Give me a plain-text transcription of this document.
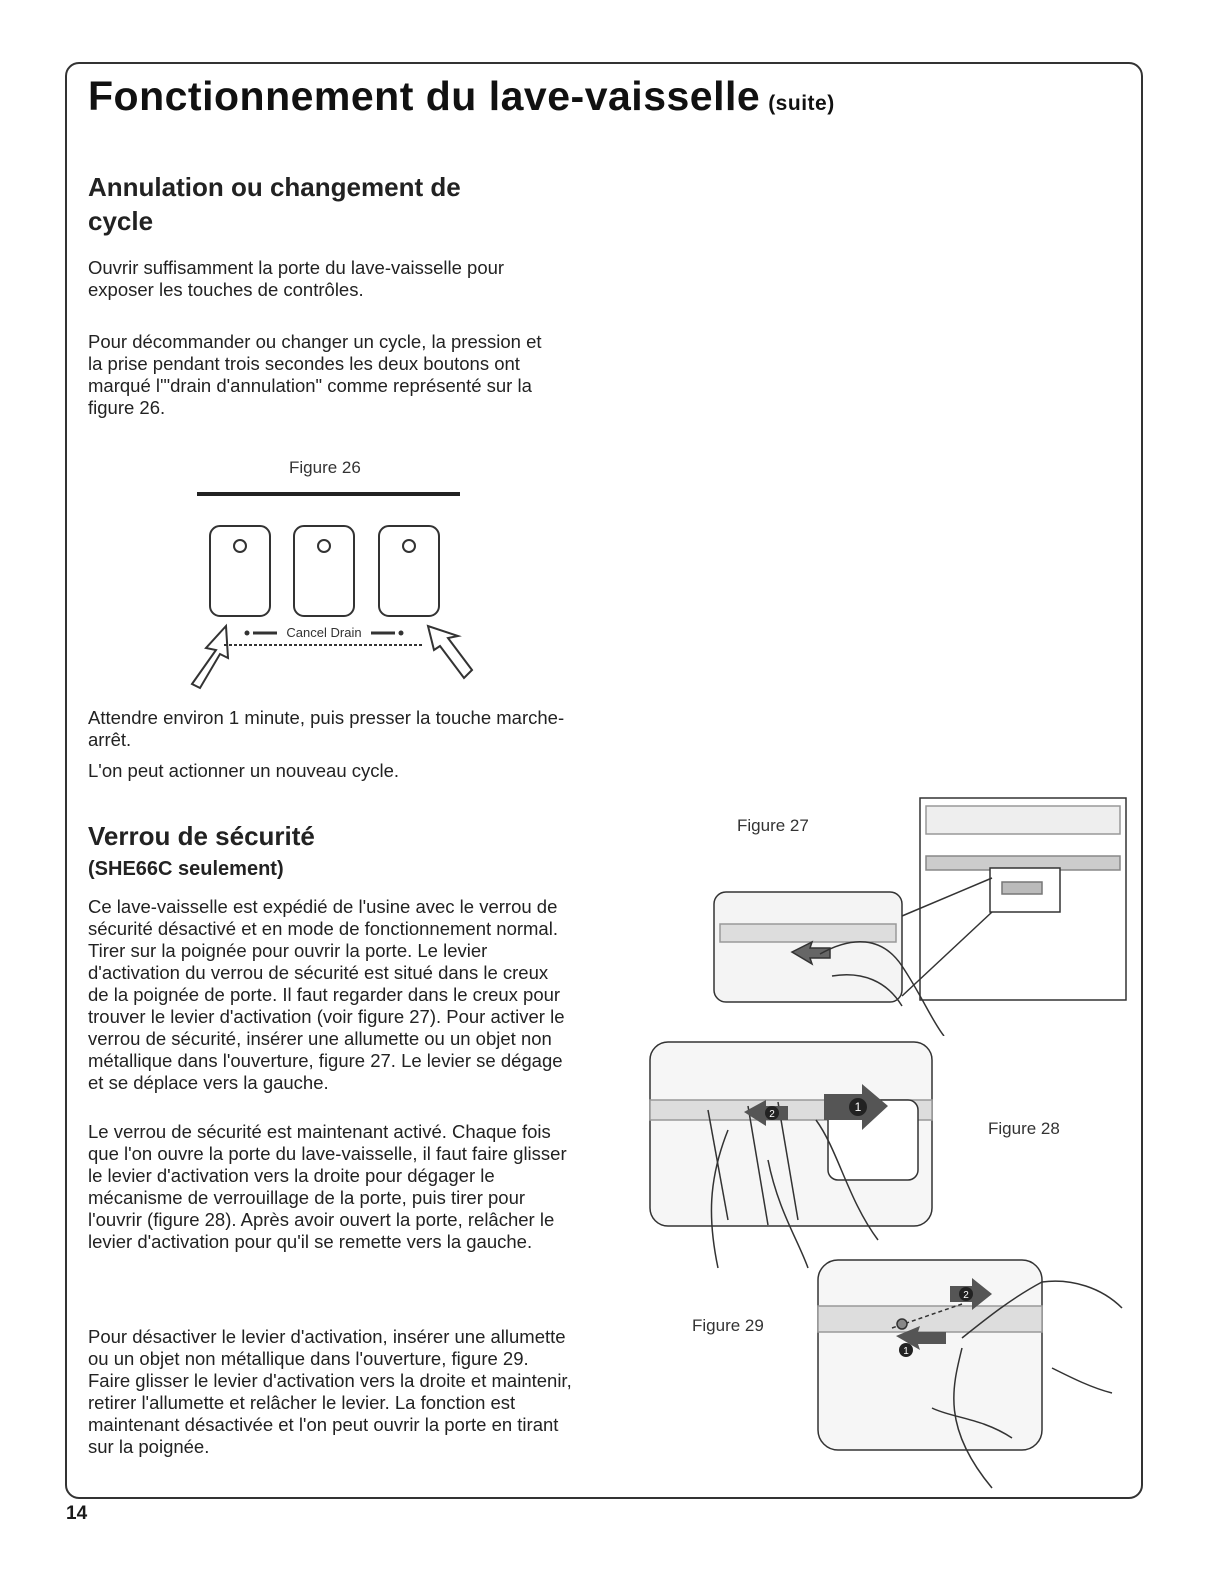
Fonctionnement du lave-vaisselle (suite)
Annulation ou changement de
cycle
Ouvrir suffisamment la porte du lave-vaisselle pour exposer les touches de contrôles.
Pour décommander ou changer un cycle, la pression et la prise pendant trois secondes les deux boutons ont marqué l'"drain d'annulation" comme représenté sur la figure 26.
Figure 26
Cancel Drain
Attendre environ 1 minute, puis presser la touche marche-arrêt.
L'on peut actionner un nouveau cycle.
Verrou de sécurité
(SHE66C seulement)
Ce lave-vaisselle est expédié de l'usine avec le verrou de sécurité désactivé et en mode de fonctionnement normal. Tirer sur la poignée pour ouvrir la porte. Le levier d'activation du verrou de sécurité est situé dans le creux de la poignée de porte. Il faut regarder dans le creux pour trouver le levier d'activation (voir figure 27). Pour activer le verrou de sécurité, insérer une allumette ou un objet non métallique dans l'ouverture, figure 27. Le levier se dégage et se déplace vers la gauche.
Le verrou de sécurité est maintenant activé. Chaque fois que l'on ouvre la porte du lave-vaisselle, il faut faire glisser le levier d'activation vers la droite pour dégager le mécanisme de verrouillage de la porte, puis tirer pour l'ouvrir (figure 28). Après avoir ouvert la porte, relâcher le levier d'activation pour qu'il se remette vers la gauche.
Pour désactiver le levier d'activation, insérer une allumette ou un objet non métallique dans l'ouverture, figure 29. Faire glisser le levier d'activation vers la droite et maintenir, retirer l'allumette et relâcher le levier. La fonction est maintenant désactivée et l'on peut ouvrir la porte en tirant sur la poignée.
Figure 27
2
1
Figure 28
Figure 29
2
1
14
